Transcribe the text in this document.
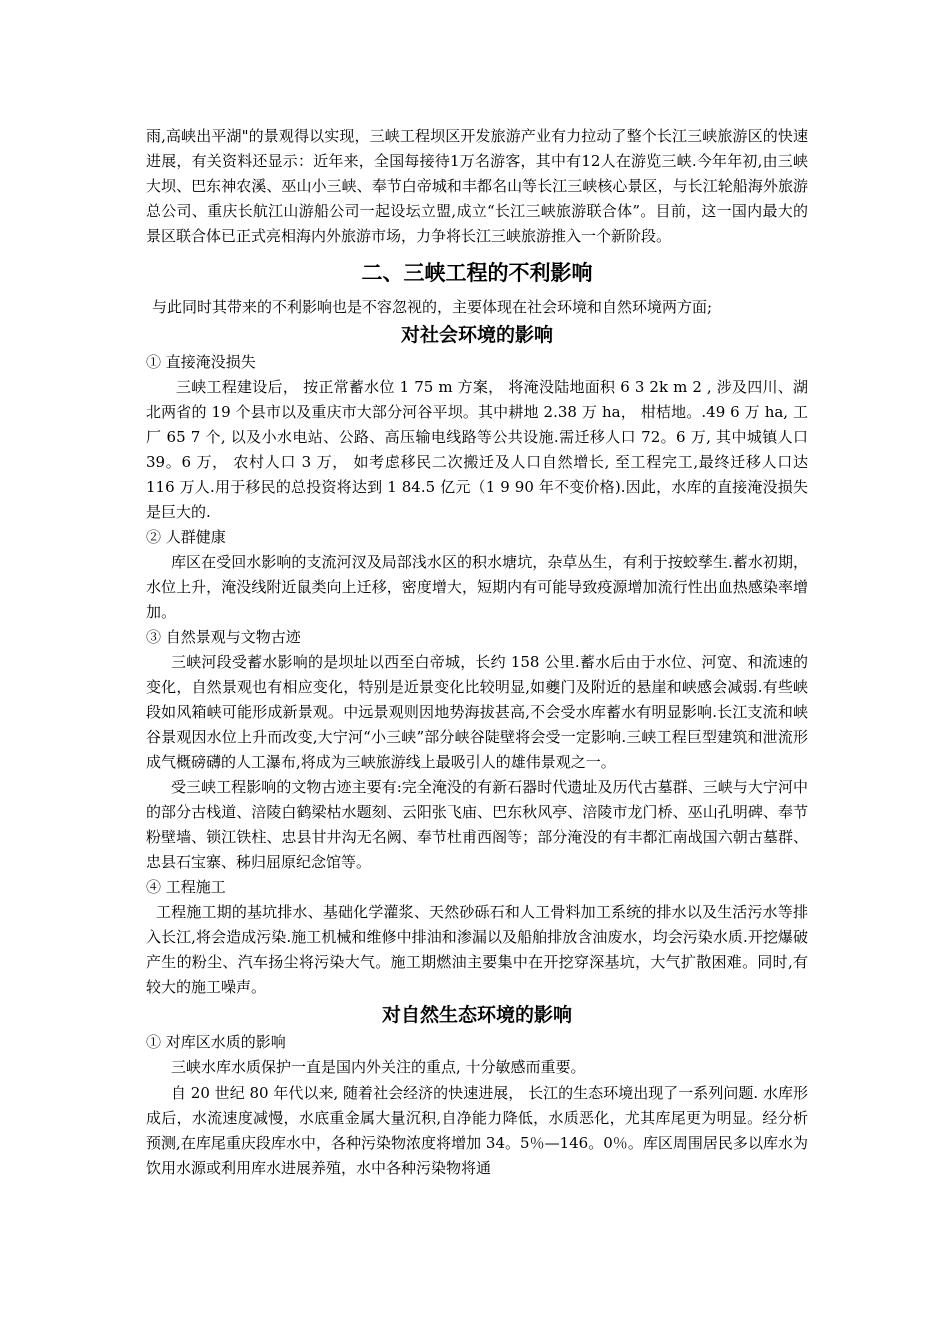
雨,高峡出平湖"的景观得以实现，三峡工程坝区开发旅游产业有力拉动了整个长江三峡旅游区的快速进展，有关资料还显示：近年来，全国每接待1万名游客，其中有12人在游览三峡.今年年初,由三峡大坝、巴东神农溪、巫山小三峡、奉节白帝城和丰都名山等长江三峡核心景区，与长江轮船海外旅游总公司、重庆长航江山游船公司一起设坛立盟,成立“长江三峡旅游联合体”。目前，这一国内最大的景区联合体已正式亮相海内外旅游市场，力争将长江三峡旅游推入一个新阶段。

二、三峡工程的不利影响

与此同时其带来的不利影响也是不容忽视的，主要体现在社会环境和自然环境两方面;

对社会环境的影响

① 直接淹没损失

三峡工程建设后， 按正常蓄水位 1 75 m 方案， 将淹没陆地面积 6 3 2k m 2 , 涉及四川、湖北两省的 19 个县市以及重庆市大部分河谷平坝。其中耕地 2.38 万 ha， 柑桔地。.49 6 万 ha, 工厂 65 7 个, 以及小水电站、公路、高压输电线路等公共设施.需迁移人口 72。6 万, 其中城镇人口 39。6 万， 农村人口 3 万， 如考虑移民二次搬迁及人口自然增长, 至工程完工,最终迁移人口达 116 万人.用于移民的总投资将达到 1 84.5 亿元（1 9 90 年不变价格).因此，水库的直接淹没损失是巨大的.

② 人群健康

库区在受回水影响的支流河汊及局部浅水区的积水塘坑，杂草丛生，有利于按蛟孳生.蓄水初期，水位上升，淹没线附近鼠类向上迁移，密度增大，短期内有可能导致疫源增加流行性出血热感染率增加。

③ 自然景观与文物古迹

三峡河段受蓄水影响的是坝址以西至白帝城，长约 158 公里.蓄水后由于水位、河宽、和流速的变化，自然景观也有相应变化，特别是近景变化比较明显,如夔门及附近的悬崖和峡感会减弱.有些峡段如风箱峡可能形成新景观。中远景观则因地势海拔甚高,不会受水库蓄水有明显影响.长江支流和峡谷景观因水位上升而改变,大宁河“小三峡”部分峡谷陡壁将会受一定影响.三峡工程巨型建筑和泄流形成气概磅礴的人工瀑布,将成为三峡旅游线上最吸引人的雄伟景观之一。

受三峡工程影响的文物古迹主要有:完全淹没的有新石器时代遗址及历代古墓群、三峡与大宁河中的部分古栈道、涪陵白鹤梁枯水题刻、云阳张飞庙、巴东秋风亭、涪陵市龙门桥、巫山孔明碑、奉节粉壁墙、锁江铁柱、忠县甘井沟无名阙、奉节杜甫西阁等；部分淹没的有丰都汇南战国六朝古墓群、忠县石宝寨、秭归屈原纪念馆等。

④ 工程施工

工程施工期的基坑排水、基础化学灌浆、天然砂砾石和人工骨料加工系统的排水以及生活污水等排入长江,将会造成污染.施工机械和维修中排油和渗漏以及船舶排放含油废水，均会污染水质.开挖爆破产生的粉尘、汽车扬尘将污染大气。施工期燃油主要集中在开挖穿深基坑，大气扩散困难。同时,有较大的施工噪声。

对自然生态环境的影响

① 对库区水质的影响

三峡水库水质保护一直是国内外关注的重点, 十分敏感而重要。

自 20 世纪 80 年代以来, 随着社会经济的快速进展， 长江的生态环境出现了一系列问题. 水库形成后，水流速度减慢，水底重金属大量沉积,自净能力降低，水质恶化，尤其库尾更为明显。经分析预测,在库尾重庆段库水中，各种污染物浓度将增加 34。5％—146。0％。库区周围居民多以库水为饮用水源或利用库水进展养殖，水中各种污染物将通
